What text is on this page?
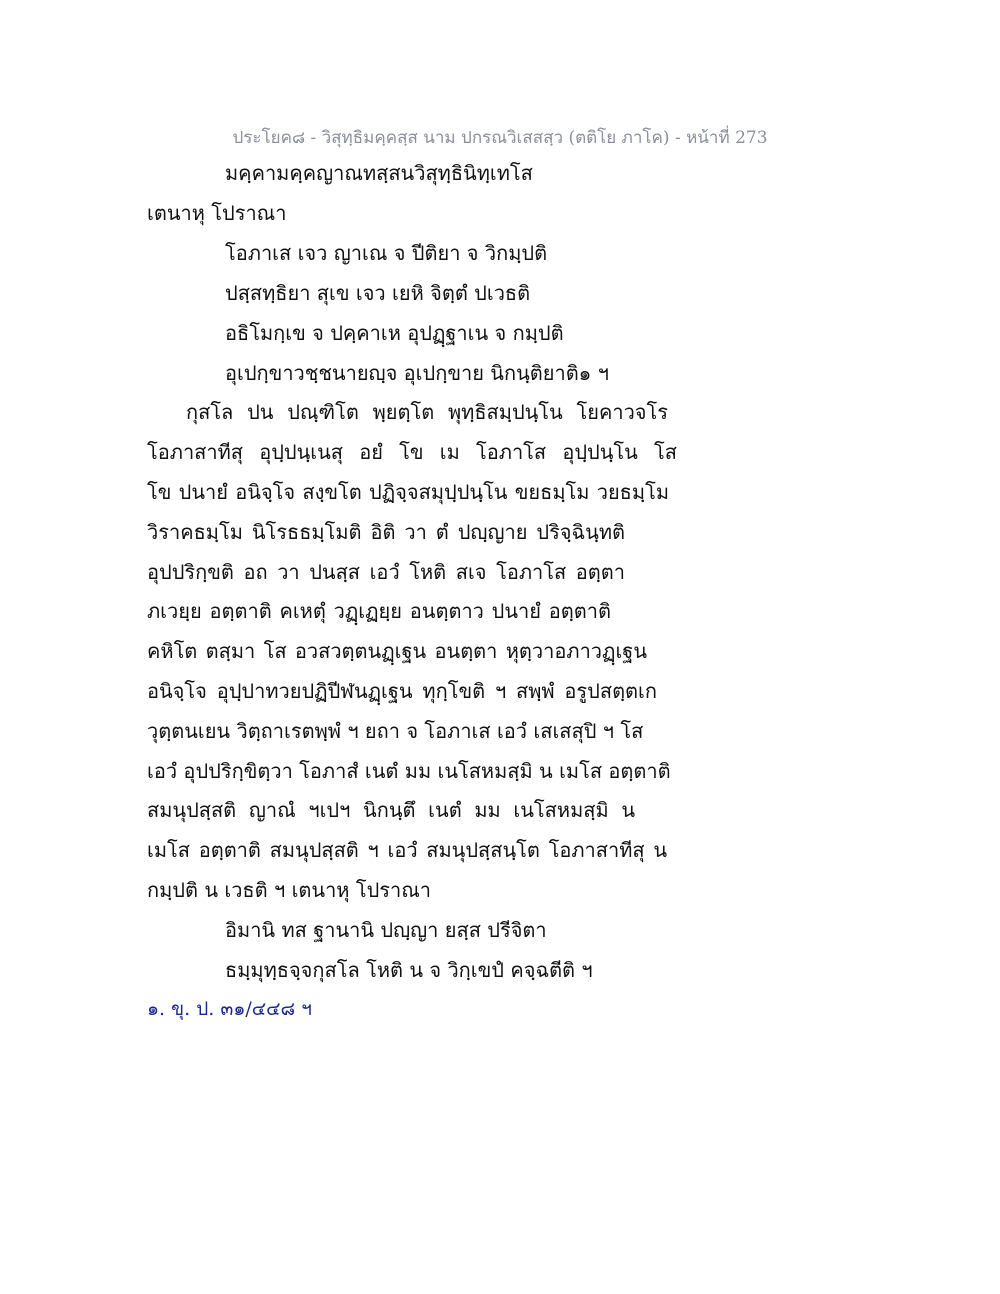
ประโยค๘ - วิสุทฺธิมคฺคสฺส นาม ปกรณวิเสสสฺว (ตติโย ภาโค) - หน้าที่ 273
มคฺคามคฺคญาณทสฺสนวิสุทฺธินิทฺเทโส
เตนาหุ โปราณา
โอภาเส เจว ญาเณ จ ปีติยา จ วิกมฺปติ
ปสฺสทฺธิยา สุเข เจว เยหิ จิตฺตํ ปเวธติ
อธิโมกฺเข จ ปคฺคาเห อุปฏฺฐาเน จ กมฺปติ
อุเปกฺขาวชฺชนายญฺจ อุเปกฺขาย นิกนฺติยาติ๑ ฯ
กุสโล ปน ปณฺฑิโต พฺยตฺโต พุทฺธิสมฺปนฺโน โยคาวจโร
โอภาสาทีสุ อุปฺปนฺเนสุ อยํ โข เม โอภาโส อุปฺปนฺโน โส
โข ปนายํ อนิจฺโจ สงฺขโต ปฏิจฺจสมุปฺปนฺโน ขยธมฺโม วยธมฺโม
วิราคธมฺโม นิโรธธมฺโมติ อิติ วา ตํ ปญฺญาย ปริจฺฉินฺทติ
อุปปริกฺขติ อถ วา ปนสฺส เอวํ โหติ สเจ โอภาโส อตฺตา
ภเวยฺย อตฺตาติ คเหตุํ วฏฺเฏยฺย อนตฺตาว ปนายํ อตฺตาติ
คหิโต ตสฺมา โส อวสวตฺตนฏฺเฐน อนตฺตา หุตฺวาอภาวฏฺเฐน
อนิจฺโจ อุปฺปาทวยปฏิปีฬนฏฺเฐน ทุกฺโขติ ฯ สพฺพํ อรูปสตฺตเก
วุตฺตนเยน วิตฺถาเรตพฺพํ ฯ ยถา จ โอภาเส เอวํ เสเสสุปิ ฯ โส
เอวํ อุปปริกฺขิตฺวา โอภาสํ เนตํ มม เนโสหมสฺมิ น เมโส อตฺตาติ
สมนุปสฺสติ ญาณํ ฯเปฯ นิกนฺตึ เนตํ มม เนโสหมสฺมิ น
เมโส อตฺตาติ สมนุปสฺสติ ฯ เอวํ สมนุปสฺสนฺโต โอภาสาทีสุ น
กมฺปติ น เวธติ ฯ เตนาหุ โปราณา
อิมานิ ทส ฐานานิ ปญฺญา ยสฺส ปรีจิตา
ธมฺมุทฺธจฺจกุสโล โหติ น จ วิกฺเขปํ คจฺฉตีติ ฯ
๑. ขุ. ป. ๓๑/๔๔๘ ฯ
